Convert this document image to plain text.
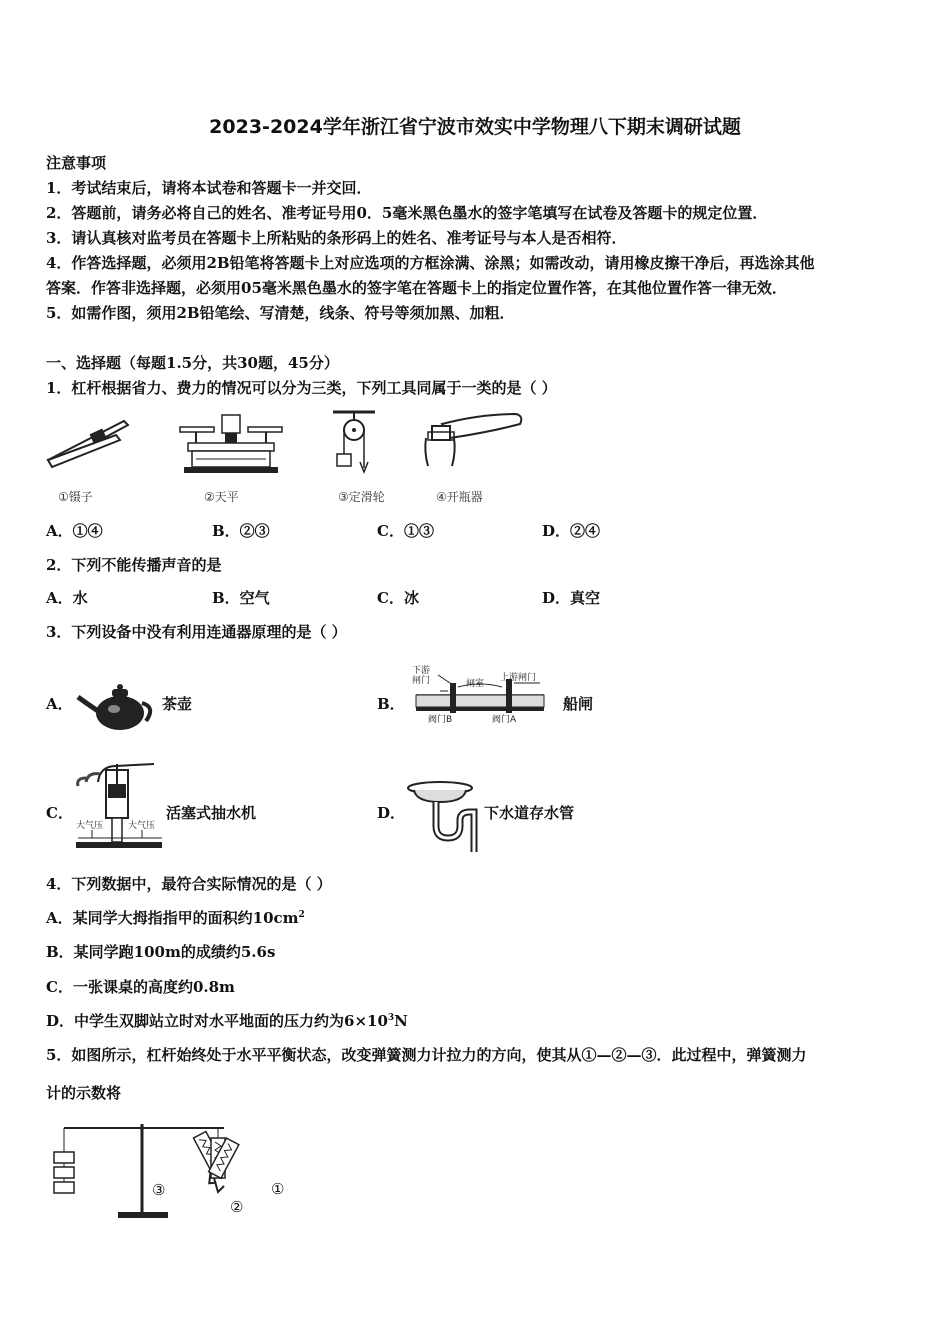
2023-2024学年浙江省宁波市效实中学物理八下期末调研试题
注意事项
1．考试结束后，请将本试卷和答题卡一并交回．
2．答题前，请务必将自己的姓名、准考证号用0．5毫米黑色墨水的签字笔填写在试卷及答题卡的规定位置．
3．请认真核对监考员在答题卡上所粘贴的条形码上的姓名、准考证号与本人是否相符．
4．作答选择题，必须用2B铅笔将答题卡上对应选项的方框涂满、涂黑；如需改动，请用橡皮擦干净后，再选涂其他
答案．作答非选择题，必须用05毫米黑色墨水的签字笔在答题卡上的指定位置作答，在其他位置作答一律无效．
5．如需作图，须用2B铅笔绘、写清楚，线条、符号等须加黑、加粗．
一、选择题（每题1.5分，共30题，45分）
1．杠杆根据省力、费力的情况可以分为三类，下列工具同属于一类的是（ ）
①镊子	②天平	③定滑轮	④开瓶器
A．①④	B．②③	C．①③	D．②④
2．下列不能传播声音的是
A．水	B．空气	C．冰	D．真空
3．下列设备中没有利用连通器原理的是（ ）
A．	茶壶	B．
下游
闸门	闸室
上游闸门
阀门B	阀门A
船闸
C．
大气压	大气压
活塞式抽水机	D．	下水道存水管
4．下列数据中，最符合实际情况的是（ ）
A．某同学大拇指指甲的面积约$10cm^2$
B．某同学跑100m的成绩约5.6s
C．一张课桌的高度约0.8m
D．中学生双脚站立时对水平地面的压力约为$6\times 10^3N$
5．如图所示，杠杆始终处于水平平衡状态，改变弹簧测力计拉力的方向，使其从①—②—③．此过程中，弹簧测力
计的示数将
③
②
①
